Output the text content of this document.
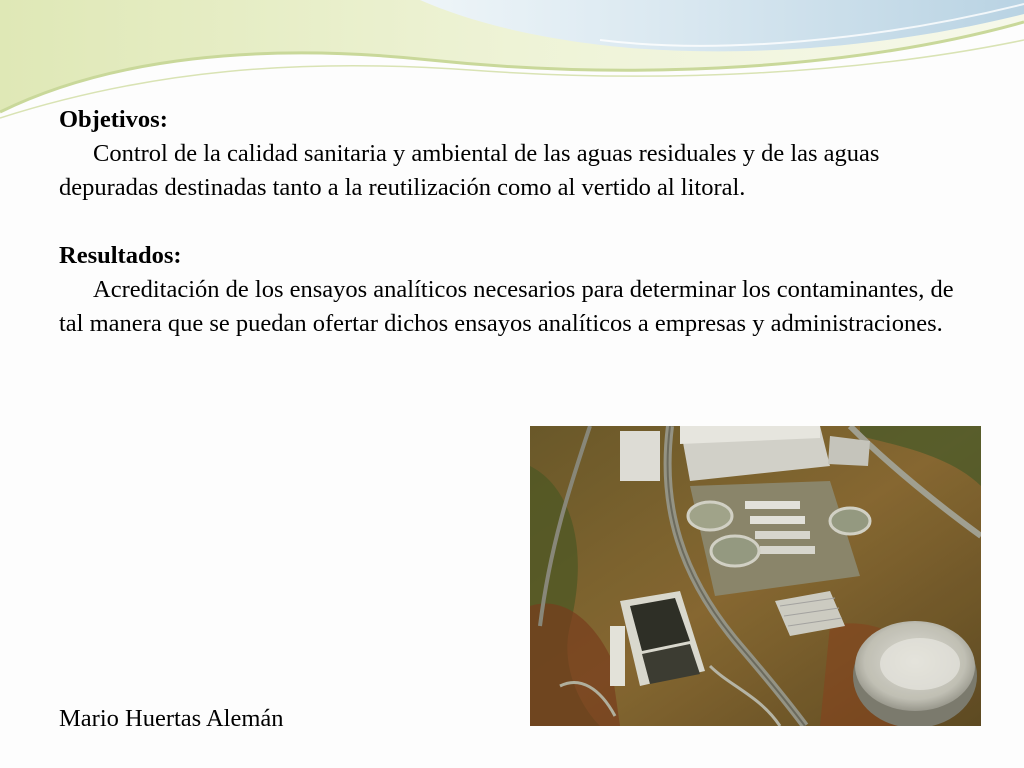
Objetivos:
Control de la calidad sanitaria y ambiental de las aguas residuales y de las aguas depuradas destinadas tanto a la reutilización como al vertido al litoral.
Resultados:
Acreditación de los ensayos analíticos necesarios para determinar los contaminantes, de tal manera que se puedan ofertar dichos ensayos analíticos a empresas y administraciones.
Mario Huertas Alemán
